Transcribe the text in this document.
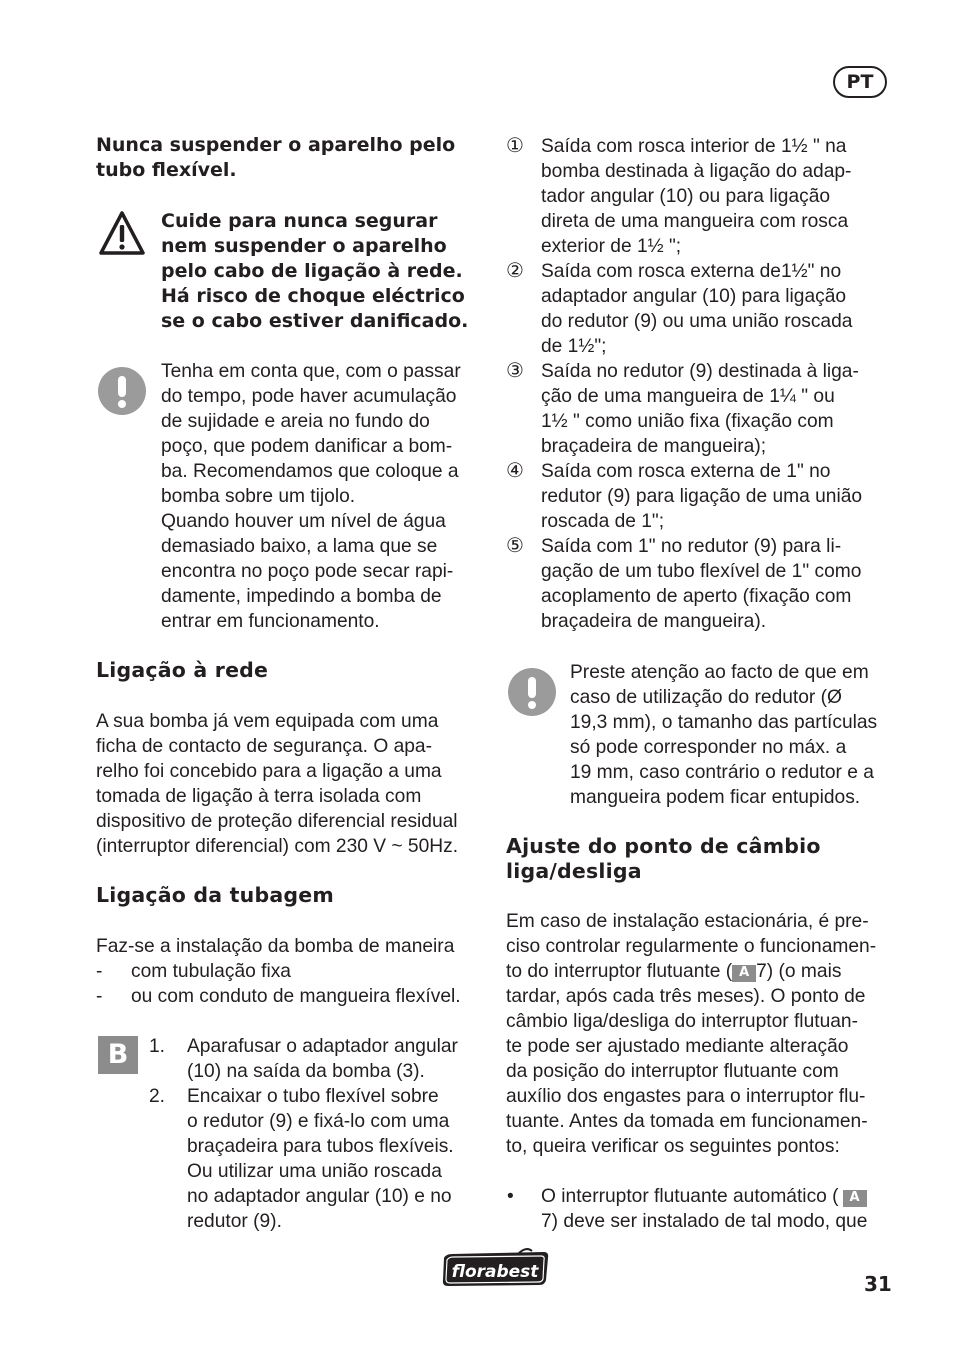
PT
Nunca suspender o aparelho pelo
tubo flexível.
Cuide para nunca segurar
nem suspender o aparelho
pelo cabo de ligação à rede.
Há risco de choque eléctrico
se o cabo estiver danificado.
Tenha em conta que, com o passar
do tempo, pode haver acumulação
de sujidade e areia no fundo do
poço, que podem danificar a bom-
ba. Recomendamos que coloque a
bomba sobre um tijolo.
Quando houver um nível de água
demasiado baixo, a lama que se
encontra no poço pode secar rapi-
damente, impedindo a bomba de
entrar em funcionamento.
Ligação à rede
A sua bomba já vem equipada com uma
ficha de contacto de segurança. O apa-
relho foi concebido para a ligação a uma
tomada de ligação à terra isolada com
dispositivo de proteção diferencial residual
(interruptor diferencial) com 230 V ~ 50Hz.
Ligação da tubagem
Faz-se a instalação da bomba de maneira
- com tubulação fixa
- ou com conduto de mangueira flexível.
B	1. Aparafusar o adaptador angular
(10) na saída da bomba (3).
2. Encaixar o tubo flexível sobre
o redutor (9) e fixá-lo com uma
braçadeira para tubos flexíveis.
Ou utilizar uma união roscada
no adaptador angular (10) e no
redutor (9).
① Saída com rosca interior de 1½ " na
bomba destinada à ligação do adap-
tador angular (10) ou para ligação
direta de uma mangueira com rosca
exterior de 1½ ";
② Saída com rosca externa de1½" no
adaptador angular (10) para ligação
do redutor (9) ou uma união roscada
de 1½";
③ Saída no redutor (9) destinada à liga-
ção de uma mangueira de 1¼ " ou
1½ " como união fixa (fixação com
braçadeira de mangueira);
④ Saída com rosca externa de 1" no
redutor (9) para ligação de uma união
roscada de 1";
⑤ Saída com 1" no redutor (9) para li-
gação de um tubo flexível de 1" como
acoplamento de aperto (fixação com
braçadeira de mangueira).
Preste atenção ao facto de que em
caso de utilização do redutor (Ø
19,3 mm), o tamanho das partículas
só pode corresponder no máx. a
19 mm, caso contrário o redutor e a
mangueira podem ficar entupidos.
Ajuste do ponto de câmbio
liga/desliga
Em caso de instalação estacionária, é pre-
ciso controlar regularmente o funcionamen-
to do interruptor flutuante ( A 7) (o mais
tardar, após cada três meses). O ponto de
câmbio liga/desliga do interruptor flutuan-
te pode ser ajustado mediante alteração
da posição do interruptor flutuante com
auxílio dos engastes para o interruptor flu-
tuante. Antes da tomada em funcionamen-
to, queira verificar os seguintes pontos:
• O interruptor flutuante automático ( A
7) deve ser instalado de tal modo, que
florabest	31
